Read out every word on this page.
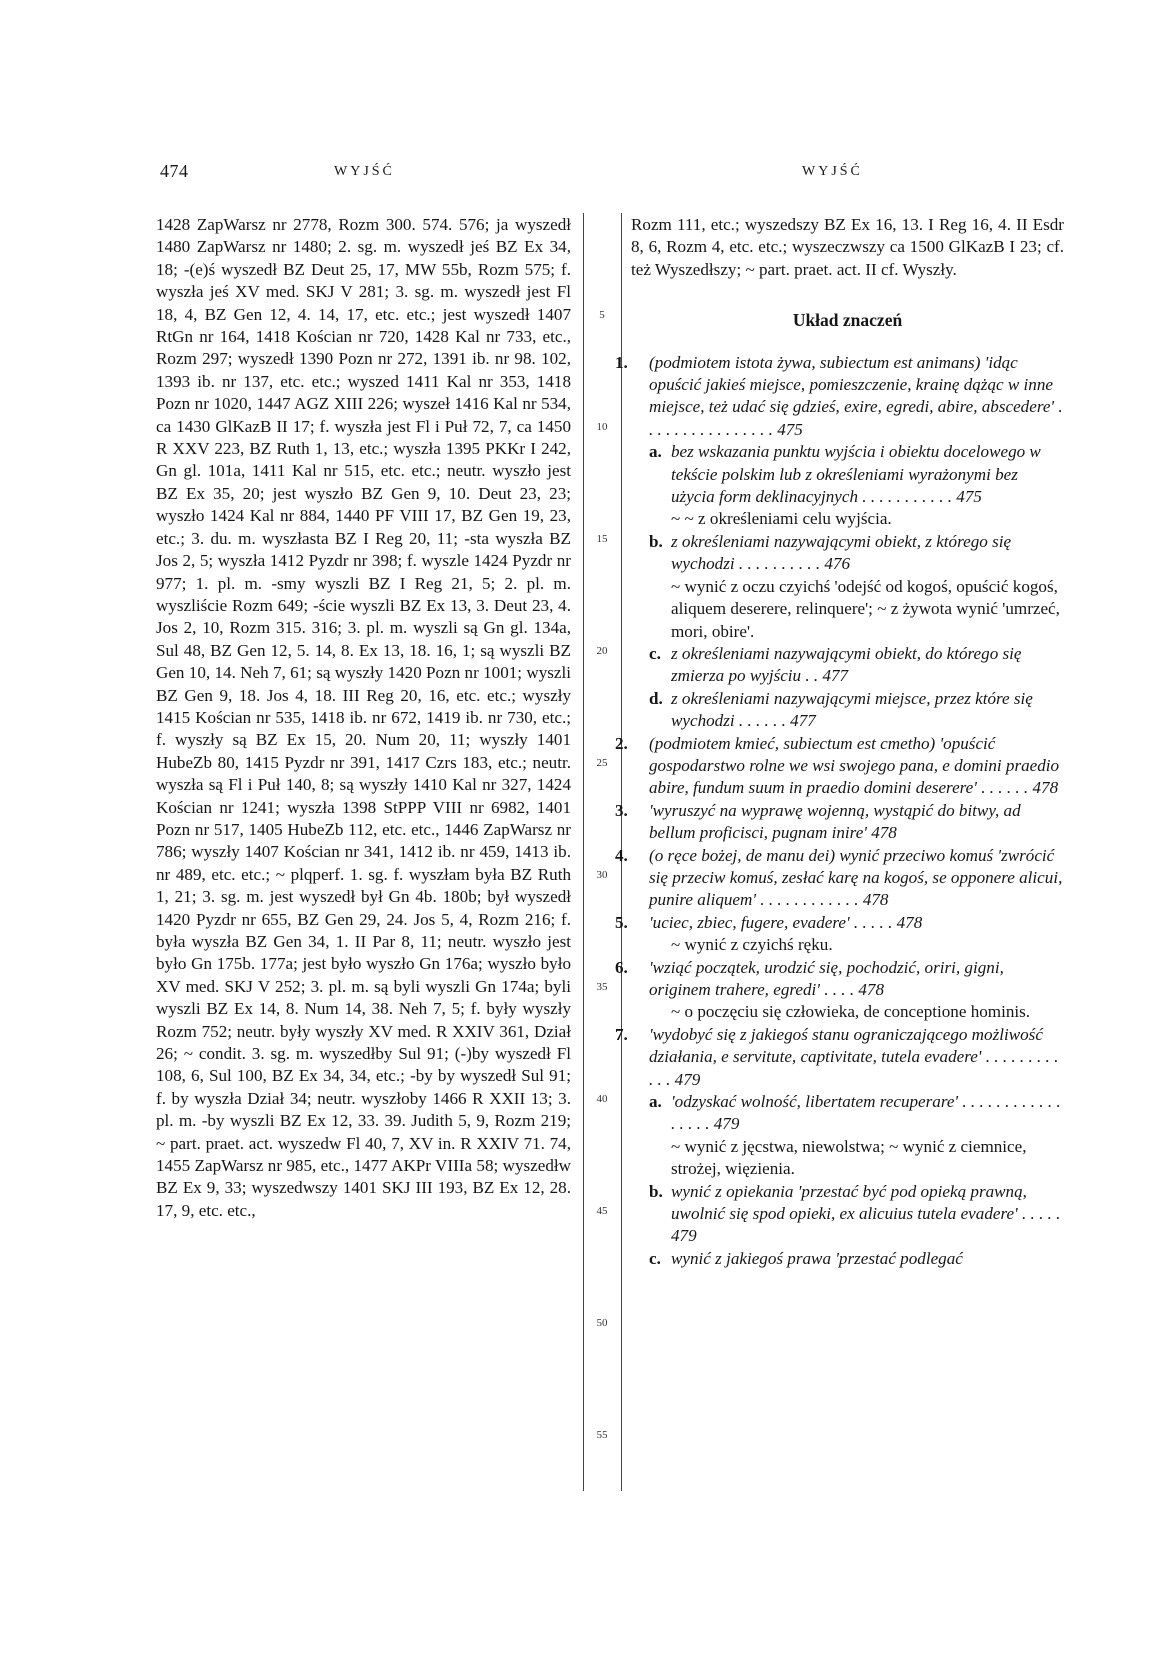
474	WYJŚĆ	WYJŚĆ

1428 ZapWarsz nr 2778, Rozm 300. 574. 576; ja wyszedł 1480 ZapWarsz nr 1480; 2. sg. m. wyszedł jeś BZ Ex 34, 18; -(e)ś wyszedł BZ Deut 25, 17, MW 55b, Rozm 575; f. wyszła jeś XV med. SKJ V 281; 3. sg. m. wyszedł jest Fl 18, 4, BZ Gen 12, 4. 14, 17, etc. etc.; jest wyszedł 1407 RtGn nr 164, 1418 Kościan nr 720, 1428 Kal nr 733, etc., Rozm 297; wyszedł 1390 Pozn nr 272, 1391 ib. nr 98. 102, 1393 ib. nr 137, etc. etc.; wyszed 1411 Kal nr 353, 1418 Pozn nr 1020, 1447 AGZ XIII 226; wyszeł 1416 Kal nr 534, ca 1430 GlKazB II 17; f. wyszła jest Fl i Puł 72, 7, ca 1450 R XXV 223, BZ Ruth 1, 13, etc.; wyszła 1395 PKKr I 242, Gn gl. 101a, 1411 Kal nr 515, etc. etc.; neutr. wyszło jest BZ Ex 35, 20; jest wyszło BZ Gen 9, 10. Deut 23, 23; wyszło 1424 Kal nr 884, 1440 PF VIII 17, BZ Gen 19, 23, etc.; 3. du. m. wyszłasta BZ I Reg 20, 11; -sta wyszła BZ Jos 2, 5; wyszła 1412 Pyzdr nr 398; f. wyszle 1424 Pyzdr nr 977; 1. pl. m. -smy wyszli BZ I Reg 21, 5; 2. pl. m. wyszliście Rozm 649; -ście wyszli BZ Ex 13, 3. Deut 23, 4. Jos 2, 10, Rozm 315. 316; 3. pl. m. wyszli są Gn gl. 134a, Sul 48, BZ Gen 12, 5. 14, 8. Ex 13, 18. 16, 1; są wyszli BZ Gen 10, 14. Neh 7, 61; są wyszły 1420 Pozn nr 1001; wyszli BZ Gen 9, 18. Jos 4, 18. III Reg 20, 16, etc. etc.; wyszły 1415 Kościan nr 535, 1418 ib. nr 672, 1419 ib. nr 730, etc.; f. wyszły są BZ Ex 15, 20. Num 20, 11; wyszły 1401 HubeZb 80, 1415 Pyzdr nr 391, 1417 Czrs 183, etc.; neutr. wyszła są Fl i Puł 140, 8; są wyszły 1410 Kal nr 327, 1424 Kościan nr 1241; wyszła 1398 StPPP VIII nr 6982, 1401 Pozn nr 517, 1405 HubeZb 112, etc. etc., 1446 ZapWarsz nr 786; wyszły 1407 Kościan nr 341, 1412 ib. nr 459, 1413 ib. nr 489, etc. etc.; ~ plqperf. 1. sg. f. wyszłam była BZ Ruth 1, 21; 3. sg. m. jest wyszedł był Gn 4b. 180b; był wyszedł 1420 Pyzdr nr 655, BZ Gen 29, 24. Jos 5, 4, Rozm 216; f. była wyszła BZ Gen 34, 1. II Par 8, 11; neutr. wyszło jest było Gn 175b. 177a; jest było wyszło Gn 176a; wyszło było XV med. SKJ V 252; 3. pl. m. są byli wyszli Gn 174a; byli wyszli BZ Ex 14, 8. Num 14, 38. Neh 7, 5; f. były wyszły Rozm 752; neutr. były wyszły XV med. R XXIV 361, Dział 26; ~ condit. 3. sg. m. wyszedłby Sul 91; (-)by wyszedł Fl 108, 6, Sul 100, BZ Ex 34, 34, etc.; -by by wyszedł Sul 91; f. by wyszła Dział 34; neutr. wyszłoby 1466 R XXII 13; 3. pl. m. -by wyszli BZ Ex 12, 33. 39. Judith 5, 9, Rozm 219; ~ part. praet. act. wyszedw Fl 40, 7, XV in. R XXIV 71. 74, 1455 ZapWarsz nr 985, etc., 1477 AKPr VIIIa 58; wyszedłw BZ Ex 9, 33; wyszedwszy 1401 SKJ III 193, BZ Ex 12, 28. 17, 9, etc. etc.,

5
10
15
20
25
30
35
40
45
50
55

Rozm 111, etc.; wyszedszy BZ Ex 16, 13. I Reg 16, 4. II Esdr 8, 6, Rozm 4, etc. etc.; wyszeczwszy ca 1500 GlKazB I 23; cf. też Wyszedłszy; ~ part. praet. act. II cf. Wyszły.

Układ znaczeń
1. (podmiotem istota żywa, subiectum est animans) 'idąc opuścić jakieś miejsce, pomieszczenie, krainę dążąc w inne miejsce, też udać się gdzieś, exire, egredi, abire, abscedere' . . . . . . . . . . . . . . . . 475
a. bez wskazania punktu wyjścia i obiektu docelowego w tekście polskim lub z określeniami wyrażonymi bez użycia form deklinacyjnych . . . . . . . . . . . 475
~ ~ z określeniami celu wyjścia.
b. z określeniami nazywającymi obiekt, z którego się wychodzi . . . . . . . . . . 476
~ wynić z oczu czyichś 'odejść od kogoś, opuścić kogoś, aliquem deserere, relinquere'; ~ z żywota wynić 'umrzeć, mori, obire'.
c. z określeniami nazywającymi obiekt, do którego się zmierza po wyjściu . . 477
d. z określeniami nazywającymi miejsce, przez które się wychodzi . . . . . . 477
2. (podmiotem kmieć, subiectum est cmetho) 'opuścić gospodarstwo rolne we wsi swojego pana, e domini praedio abire, fundum suum in praedio domini deserere' . . . . . . 478
3. 'wyruszyć na wyprawę wojenną, wystąpić do bitwy, ad bellum proficisci, pugnam inire' 478
4. (o ręce bożej, de manu dei) wynić przeciwo komuś 'zwrócić się przeciw komuś, zesłać karę na kogoś, se opponere alicui, punire aliquem' . . . . . . . . . . . . 478
5. 'uciec, zbiec, fugere, evadere' . . . . . 478
~ wynić z czyichś ręku.
6. 'wziąć początek, urodzić się, pochodzić, oriri, gigni, originem trahere, egredi' . . . . 478
~ o poczęciu się człowieka, de conceptione hominis.
7. 'wydobyć się z jakiegoś stanu ograniczającego możliwość działania, e servitute, captivitate, tutela evadere' . . . . . . . . . . . . 479
a. 'odzyskać wolność, libertatem recuperare' . . . . . . . . . . . . . . . . . 479
~ wynić z jęcstwa, niewolstwa; ~ wynić z ciemnice, strożej, więzienia.
b. wynić z opiekania 'przestać być pod opieką prawną, uwolnić się spod opieki, ex alicuius tutela evadere' . . . . . 479
c. wynić z jakiegoś prawa 'przestać podlegać
